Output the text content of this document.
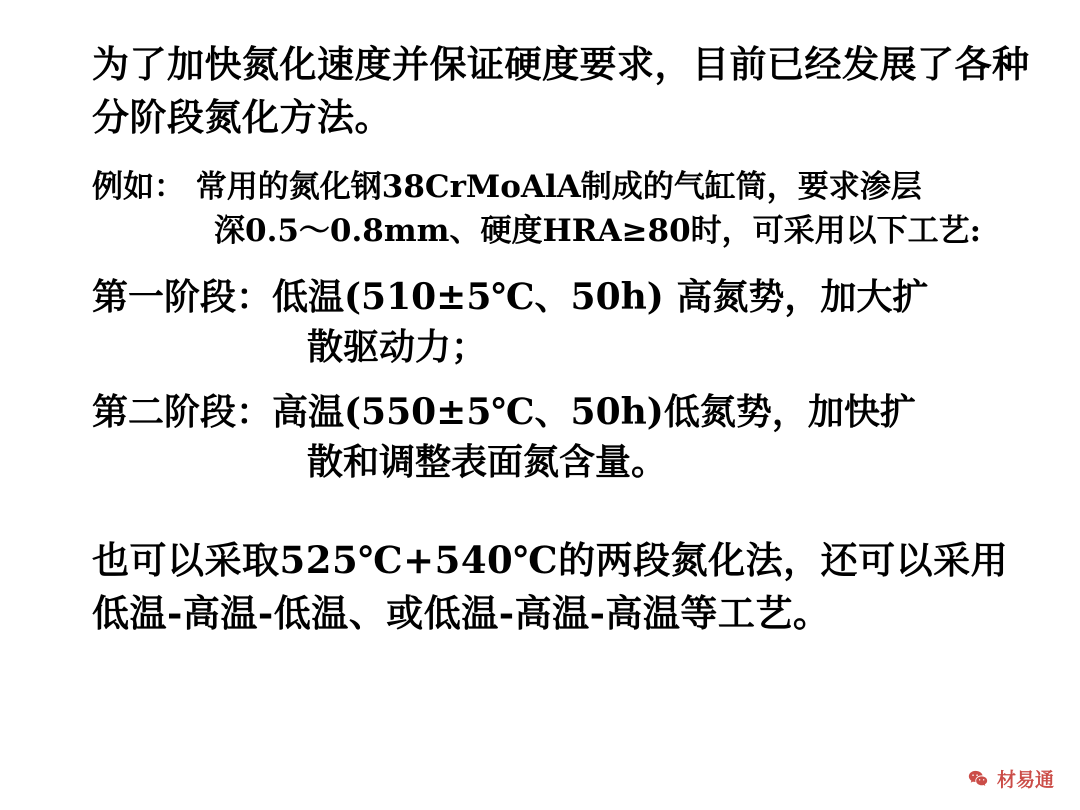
为了加快氮化速度并保证硬度要求，目前已经发展了各种分阶段氮化方法。
例如： 常用的氮化钢38CrMoAlA制成的气缸筒，要求渗层
深0.5～0.8mm、硬度HRA≥80时，可采用以下工艺:
第一阶段：低温(510±5℃、50h) 高氮势，加大扩
散驱动力；
第二阶段：高温(550±5℃、50h)低氮势，加快扩
散和调整表面氮含量。
也可以采取525℃+540℃的两段氮化法，还可以采用低温-高温-低温、或低温-高温-高温等工艺。
材易通
